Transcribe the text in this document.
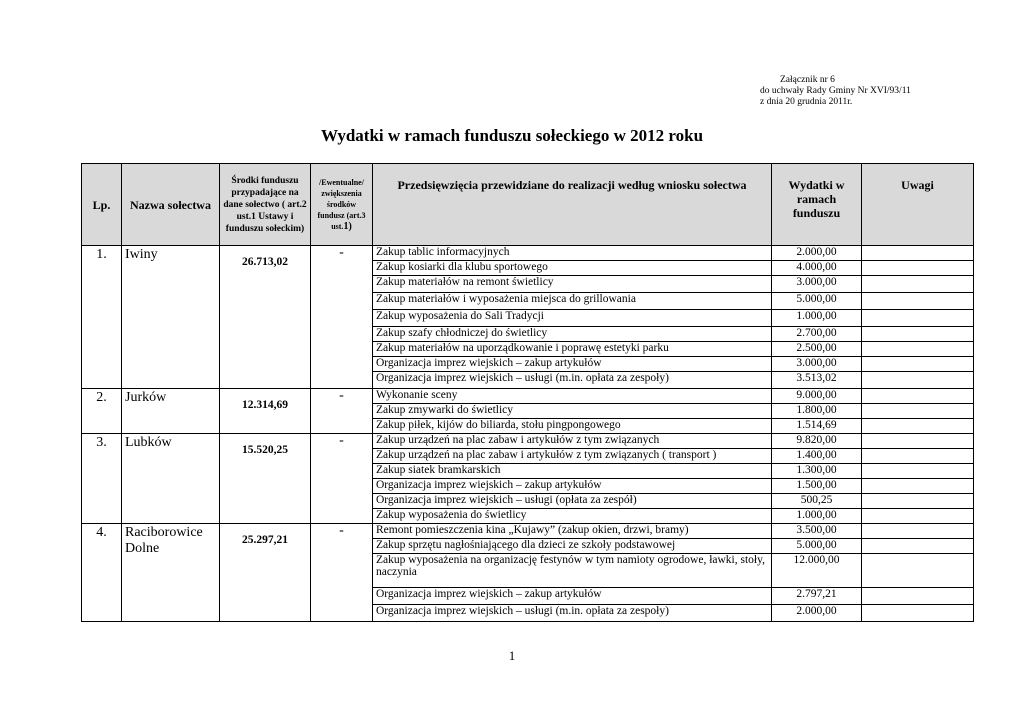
Załącznik nr 6
do uchwały Rady Gminy Nr XVI/93/11
z dnia 20 grudnia 2011r.
Wydatki w ramach funduszu sołeckiego w 2012 roku
Lp.	Nazwa sołectwa	Środki funduszu przypadające na dane sołectwo ( art.2 ust.1 Ustawy i funduszu sołeckim)	/Ewentualne/ zwiększenia środków fundusz (art.3 ust.1)	Przedsięwzięcia przewidziane do realizacji według wniosku sołectwa	Wydatki w ramach funduszu	Uwagi
1.	Iwiny	26.713,02	-	Zakup tablic informacyjnych	2.000,00	
				Zakup kosiarki dla klubu sportowego	4.000,00	
				Zakup materiałów na remont świetlicy	3.000,00	
				Zakup materiałów i wyposażenia miejsca do grillowania	5.000,00	
				Zakup wyposażenia do Sali Tradycji	1.000,00	
				Zakup szafy chłodniczej do świetlicy	2.700,00	
				Zakup materiałów na uporządkowanie i poprawę estetyki parku	2.500,00	
				Organizacja imprez wiejskich – zakup artykułów	3.000,00	
				Organizacja imprez wiejskich – usługi (m.in. opłata za zespoły)	3.513,02	
2.	Jurków	12.314,69	-	Wykonanie sceny	9.000,00	
				Zakup zmywarki do świetlicy	1.800,00	
				Zakup piłek, kijów do biliarda, stołu pingpongowego	1.514,69	
3.	Lubków	15.520,25	-	Zakup urządzeń na plac zabaw i artykułów z tym związanych	9.820,00	
				Zakup urządzeń na plac zabaw i artykułów z tym związanych ( transport )	1.400,00	
				Zakup siatek bramkarskich	1.300,00	
				Organizacja imprez wiejskich – zakup artykułów	1.500,00	
				Organizacja imprez wiejskich – usługi (opłata za zespół)	500,25	
				Zakup wyposażenia do świetlicy	1.000,00	
4.	Raciborowice Dolne	25.297,21	-	Remont pomieszczenia kina „Kujawy” (zakup okien, drzwi, bramy)	3.500,00	
				Zakup sprzętu nagłośniającego dla dzieci ze szkoły podstawowej	5.000,00	
				Zakup wyposażenia na organizację festynów w tym namioty ogrodowe, ławki, stoły, naczynia	12.000,00	
				Organizacja imprez wiejskich – zakup artykułów	2.797,21	
				Organizacja imprez wiejskich – usługi (m.in. opłata za zespoły)	2.000,00	
1
